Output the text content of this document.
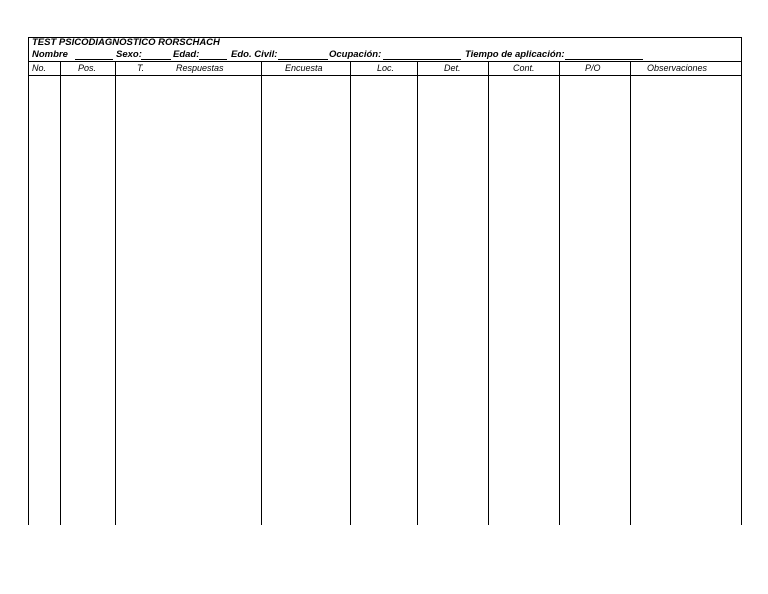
TEST PSICODIAGNOSTICO RORSCHACH
Nombre	Sexo:	Edad:	Edo. Civil:	Ocupación:	Tiempo de aplicación:
No.	Pos.	T.	Respuestas	Encuesta	Loc.	Det.	Cont.	P/O	Observaciones
